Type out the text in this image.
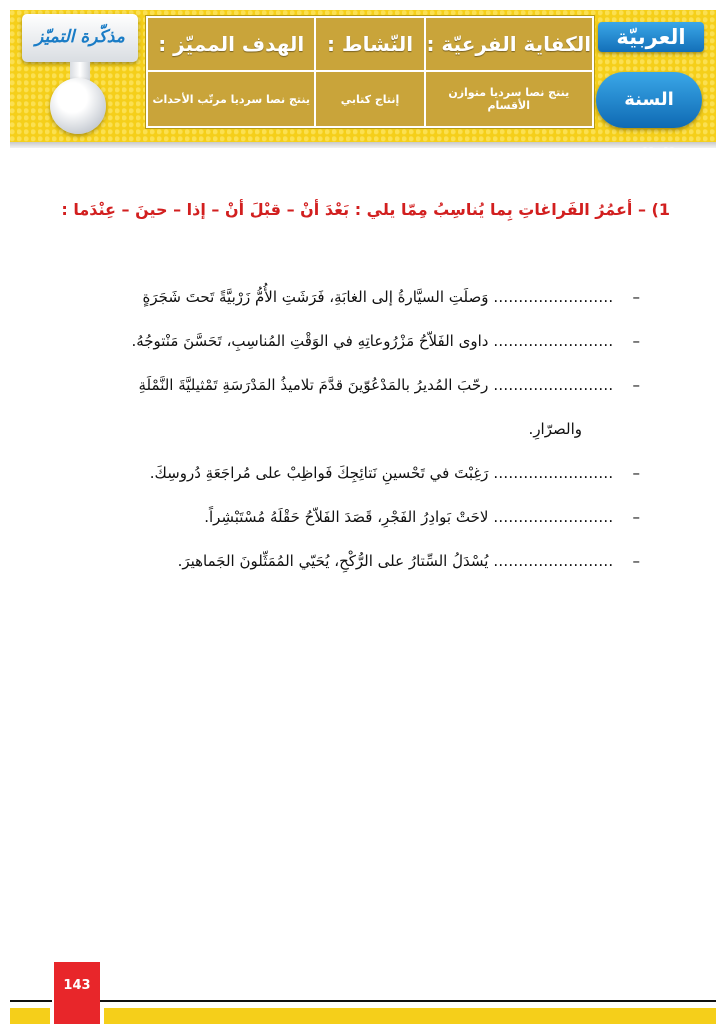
مذكّرة التميّز	الكفاية الفرعيّة :
ينتج نصا سرديا متوازن الأقسام
النّشاط :
إنتاج كتابي
الهدف المميّز :
ينتج نصا سرديا مرتّب الأحداث
العربيّة
السنة الثالثة
1) – أعمُرُ الفَراغاتِ بِما يُناسِبُ مِمّا يلي : بَعْدَ أنْ – قبْلَ أنْ – إذا – حينَ – عِنْدَما :
– …………………… وَصلَتِ السيَّارةُ إلى الغابَةِ، فَرَشَتِ الأُمُّ زَرْبيَّةً تَحتَ شَجَرَةٍ
– …………………… داوى الفَلاّحُ مَزْرُوعاتِهِ في الوَقْتِ المُناسِبِ، تَحَسَّنَ مَنْتوجُهُ.
– …………………… رحّبَ المُديرُ بالمَدْعُوّينَ قدَّمَ تلاميذُ المَدْرَسَةِ تَمْثيليَّةَ النَّمْلَةِ
والصرّارِ.
– …………………… رَغِبْتَ في تَحْسينِ نَتائِجِكَ فَواظِبْ على مُراجَعَةِ دُروسِكَ.
– …………………… لاحَتْ بَوادِرُ الفَجْرِ، قَصَدَ الفَلاّحُ حَقْلَهُ مُسْتَبْشِراً.
– …………………… يُسْدَلُ السِّتارُ على الرُّكْحِ، يُحَيّي المُمَثِّلونَ الجَماهيرَ.
143
